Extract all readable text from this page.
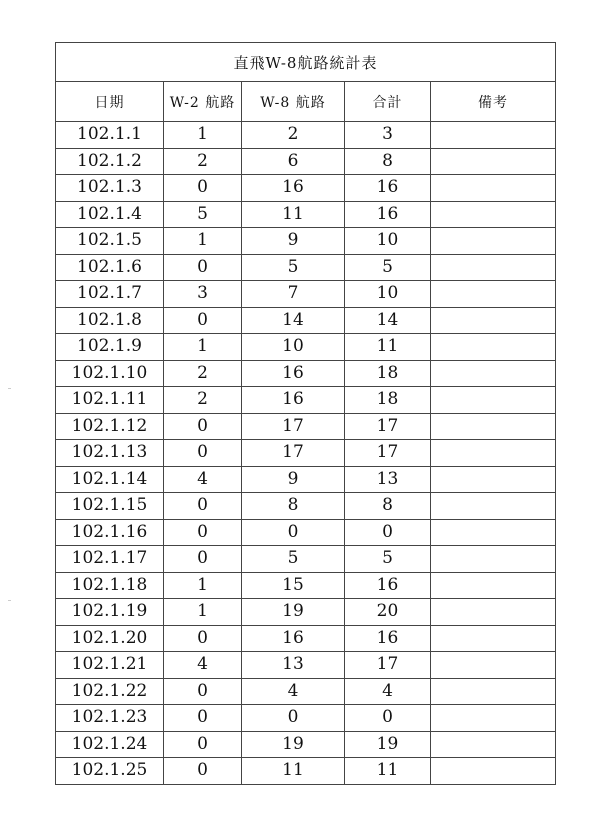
直飛W-8航路統計表				
日期	W-2 航路	W-8 航路	合計	備考
102.1.1	1	2	3	
102.1.2	2	6	8	
102.1.3	0	16	16	
102.1.4	5	11	16	
102.1.5	1	9	10	
102.1.6	0	5	5	
102.1.7	3	7	10	
102.1.8	0	14	14	
102.1.9	1	10	11	
102.1.10	2	16	18	
102.1.11	2	16	18	
102.1.12	0	17	17	
102.1.13	0	17	17	
102.1.14	4	9	13	
102.1.15	0	8	8	
102.1.16	0	0	0	
102.1.17	0	5	5	
102.1.18	1	15	16	
102.1.19	1	19	20	
102.1.20	0	16	16	
102.1.21	4	13	17	
102.1.22	0	4	4	
102.1.23	0	0	0	
102.1.24	0	19	19	
102.1.25	0	11	11	
